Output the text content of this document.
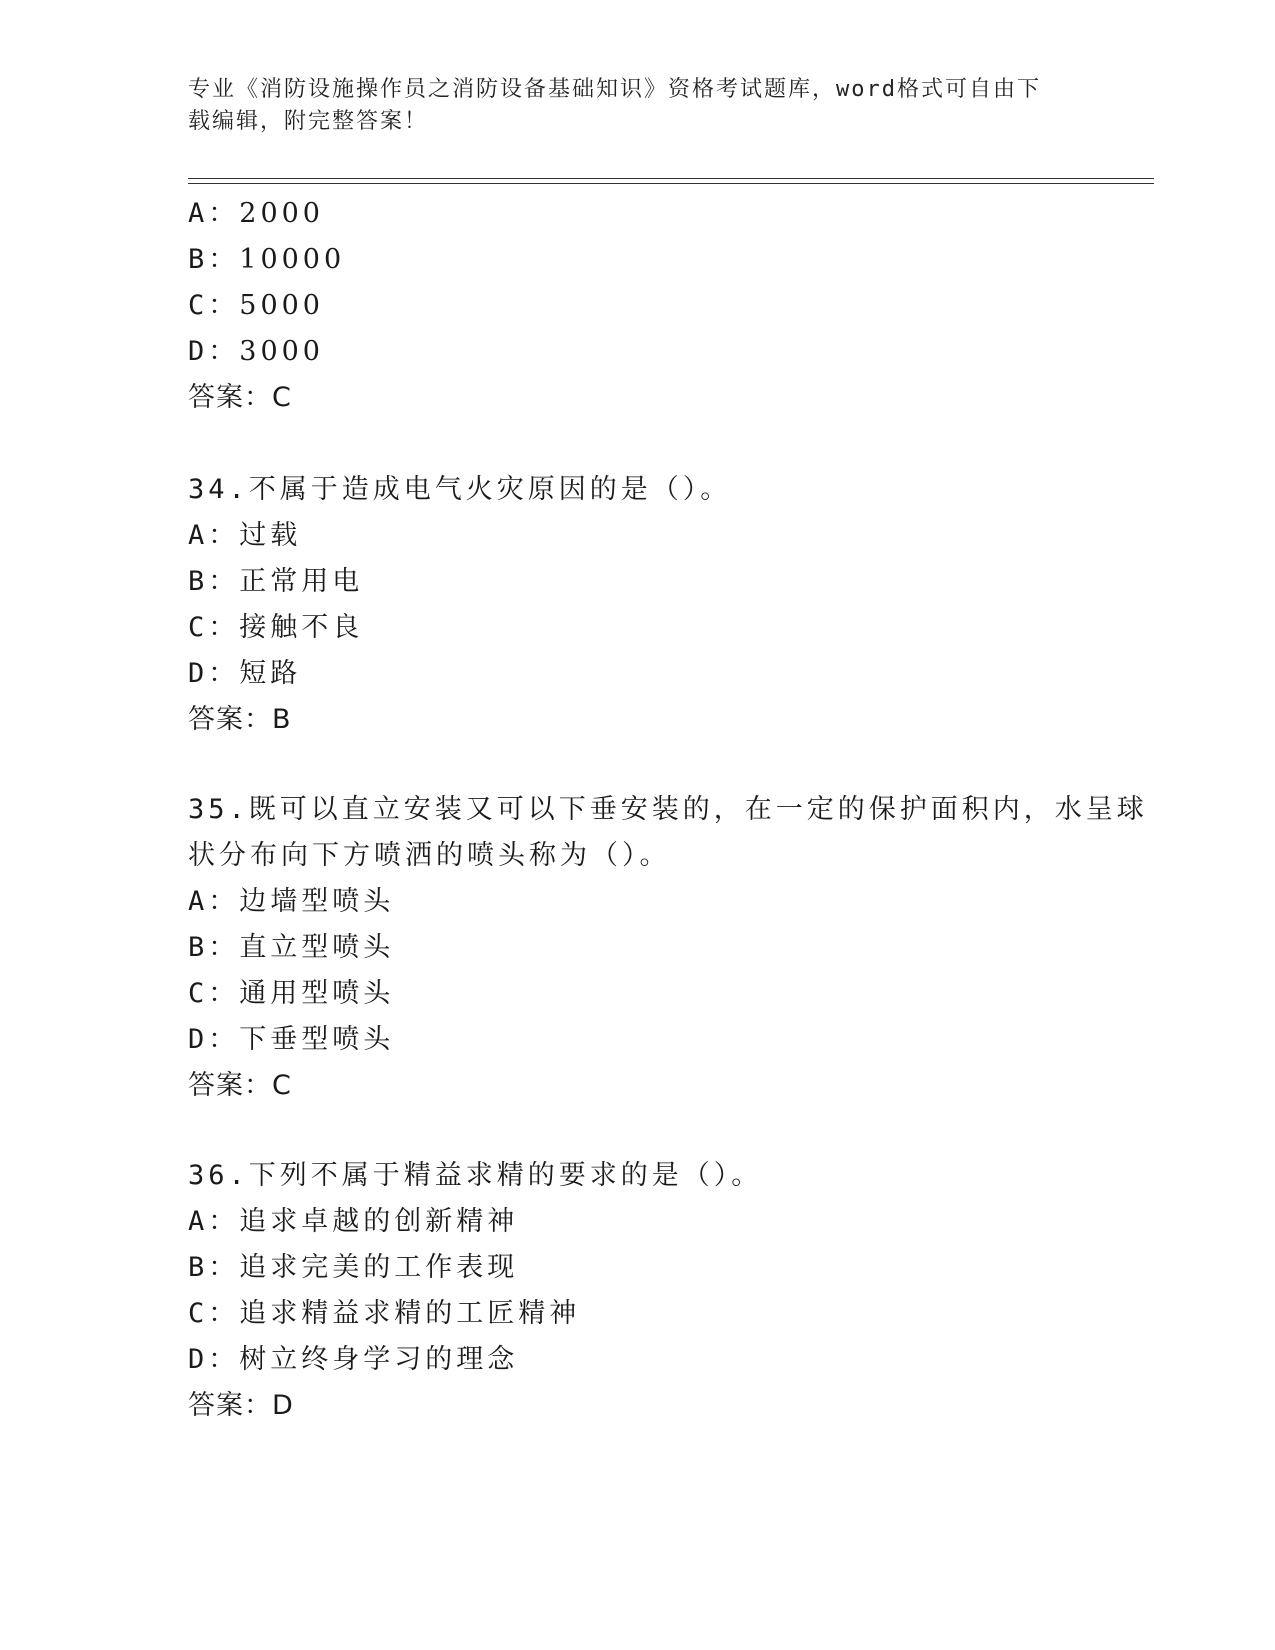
专业《消防设施操作员之消防设备基础知识》资格考试题库，word格式可自由下
载编辑，附完整答案！
A：2000
B：10000
C：5000
D：3000
答案：C
34.不属于造成电气火灾原因的是（）。
A：过载
B：正常用电
C：接触不良
D：短路
答案：B
35.既可以直立安装又可以下垂安装的，在一定的保护面积内，水呈球
状分布向下方喷洒的喷头称为（）。
A：边墙型喷头
B：直立型喷头
C：通用型喷头
D：下垂型喷头
答案：C
36.下列不属于精益求精的要求的是（）。
A：追求卓越的创新精神
B：追求完美的工作表现
C：追求精益求精的工匠精神
D：树立终身学习的理念
答案：D
